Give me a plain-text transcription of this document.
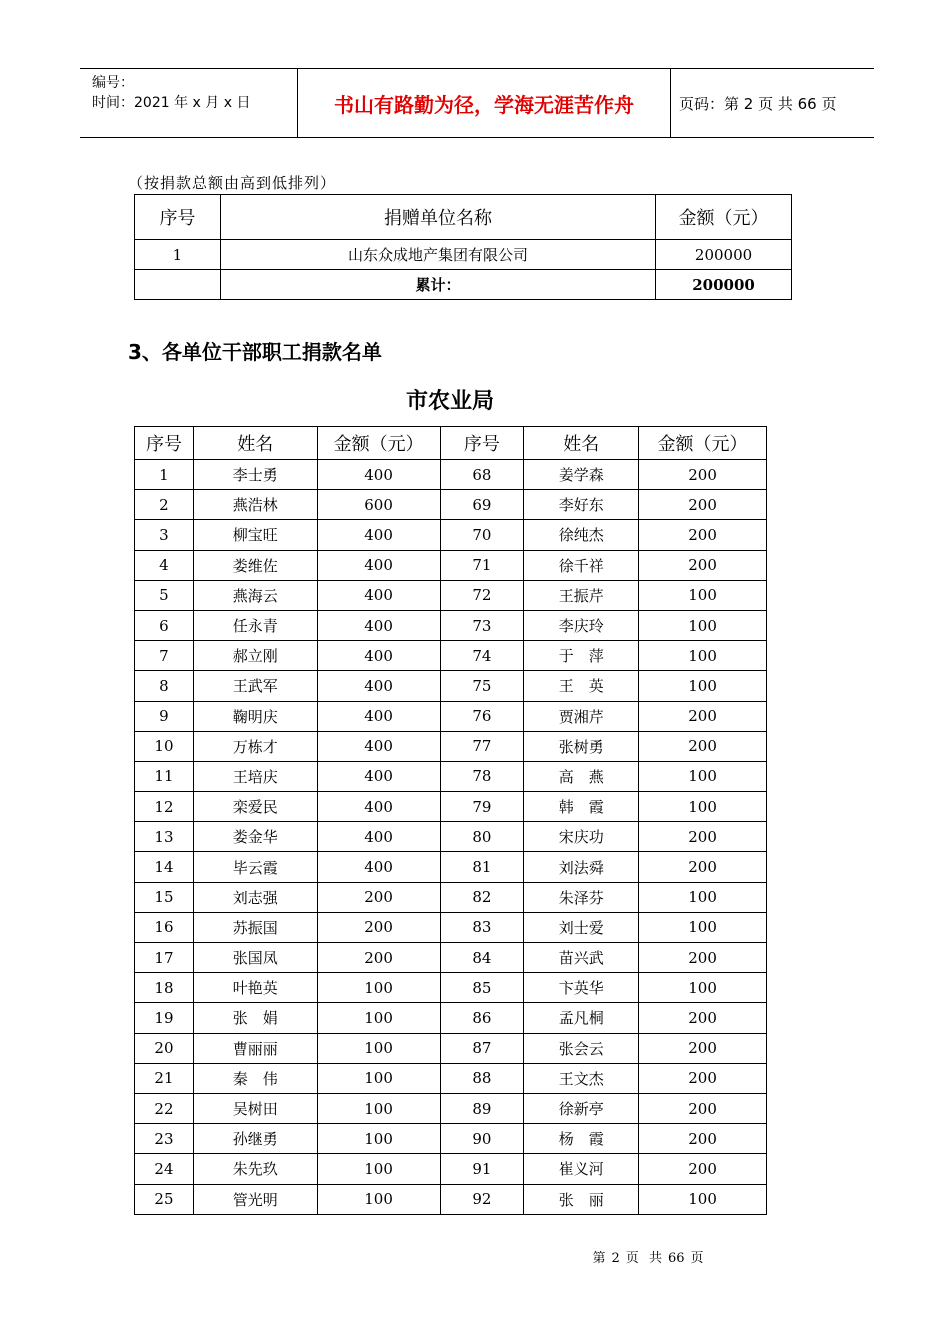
编号：
时间：2021 年 x 月 x 日	书山有路勤为径，学海无涯苦作舟	页码：第 2 页 共 66 页
（按捐款总额由高到低排列）
序号	捐赠单位名称	金额（元）
1	山东众成地产集团有限公司	200000
	累计：	200000
3、各单位干部职工捐款名单
市农业局
序号	姓名	金额（元）	序号	姓名	金额（元）
1	李士勇	400	68	姜学森	200
2	燕浩林	600	69	李好东	200
3	柳宝旺	400	70	徐纯杰	200
4	娄维佐	400	71	徐千祥	200
5	燕海云	400	72	王振芹	100
6	任永青	400	73	李庆玲	100
7	郝立刚	400	74	于　萍	100
8	王武军	400	75	王　英	100
9	鞠明庆	400	76	贾湘芹	200
10	万栋才	400	77	张树勇	200
11	王培庆	400	78	高　燕	100
12	栾爱民	400	79	韩　霞	100
13	娄金华	400	80	宋庆功	200
14	毕云霞	400	81	刘法舜	200
15	刘志强	200	82	朱泽芬	100
16	苏振国	200	83	刘士爱	100
17	张国凤	200	84	苗兴武	200
18	叶艳英	100	85	卞英华	100
19	张　娟	100	86	孟凡桐	200
20	曹丽丽	100	87	张会云	200
21	秦　伟	100	88	王文杰	200
22	吴树田	100	89	徐新亭	200
23	孙继勇	100	90	杨　霞	200
24	朱先玖	100	91	崔义河	200
25	管光明	100	92	张　丽	100
第 2 页 共 66 页
